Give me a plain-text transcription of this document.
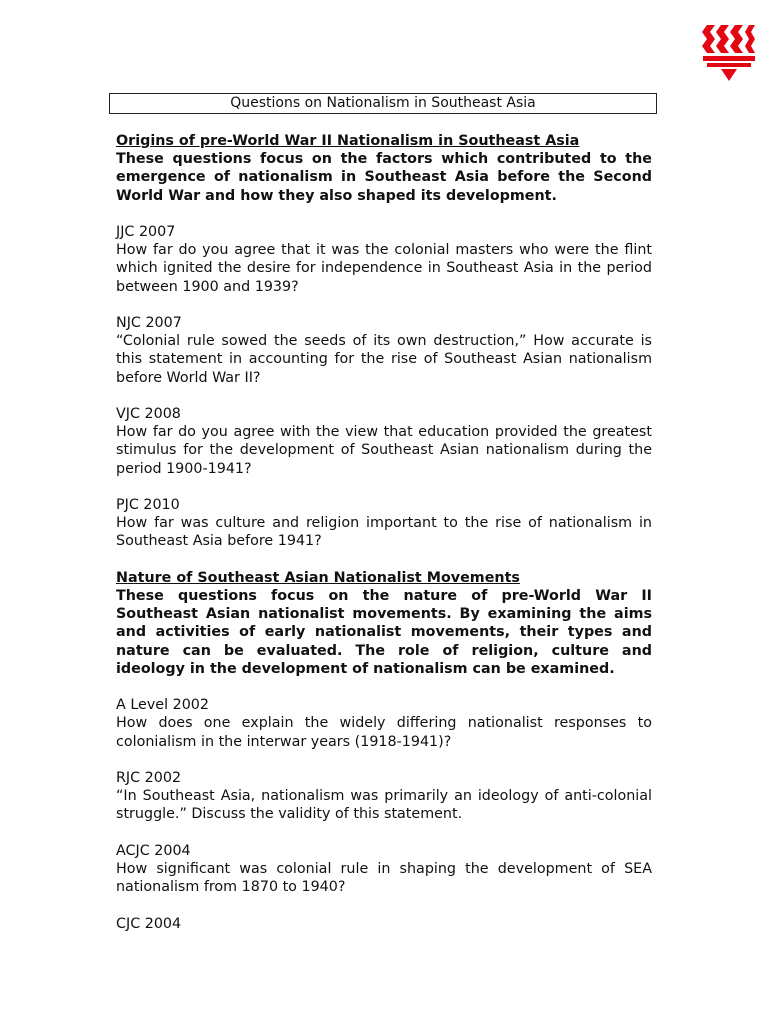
Questions on Nationalism in Southeast Asia
Origins of pre-World War II Nationalism in Southeast Asia
These questions focus on the factors which contributed to the emergence of nationalism in Southeast Asia before the Second World War and how they also shaped its development.
JJC 2007
How far do you agree that it was the colonial masters who were the flint which ignited the desire for independence in Southeast Asia in the period between 1900 and 1939?
NJC 2007
“Colonial rule sowed the seeds of its own destruction,” How accurate is this statement in accounting for the rise of Southeast Asian nationalism before World War II?
VJC 2008
How far do you agree with the view that education provided the greatest stimulus for the development of Southeast Asian nationalism during the period 1900-1941?
PJC 2010
How far was culture and religion important to the rise of nationalism in Southeast Asia before 1941?
Nature of Southeast Asian Nationalist Movements
These questions focus on the nature of pre-World War II Southeast Asian nationalist movements. By examining the aims and activities of early nationalist movements, their types and nature can be evaluated. The role of religion, culture and ideology in the development of nationalism can be examined.
A Level 2002
How does one explain the widely differing nationalist responses to colonialism in the interwar years (1918-1941)?
RJC 2002
“In Southeast Asia, nationalism was primarily an ideology of anti-colonial struggle.” Discuss the validity of this statement.
ACJC 2004
How significant was colonial rule in shaping the development of SEA nationalism from 1870 to 1940?
CJC 2004
